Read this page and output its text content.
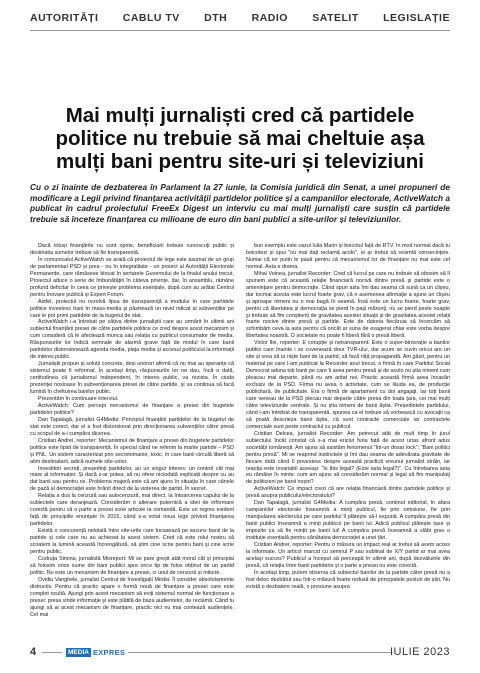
AUTORITĂȚI CABLU TV DTH RADIO SATELIT LEGISLAȚIE
Mai mulți jurnaliști cred că partidele politice nu trebuie să mai cheltuie așa mulți bani pentru site-uri și televiziuni

Cu o zi înainte de dezbaterea în Parlament la 27 iunie, la Comisia juridică din Senat, a unei propuneri de modificare a Legii privind finanțarea activității partidelor politice și a campaniilor electorale, ActiveWatch a publicat în cadrul proiectului FreeEx Digest un interviu cu mai mulți jurnaliști care susțin că partidele trebuie să înceteze finanțarea cu milioane de euro din bani publici a site-urilor și televiziunilor.

Dacă totuși finanțările nu sunt oprite, beneficiarii trebuie cunoscuți public și destinatia sumelor trebuie să fie transparentă.

În comunicatul ActiveWatch se arată că proiectul de lege este asumat de un grup de parlamentari PSD și prea - nu în integralitate - un proiect al Autorității Electorale Permanente, care rămăsese blocat în sertarele Guvernului de la finalul anului trecut. Proiectul aduce o serie de îmbunătățiri în câteva privințe, dar, în ansamblu, rămâne profund deficitar în ceea ce privește problema esențiale, după cum au arătat Centrul pentru Inovare publică și Expert Forum.

Astfel, proiectul nu rezolvă lipsa de transparență a modului în care partidele politice investesc bani în mass-media și păstrează un nivel ridicat al subvențiilor pe care le pot primi partidele de la bugetul de stat.

ActiveWatch i-a întrebat pe câțiva dintre jurnaliștii care au urmărit în ultimii ani subiectul finanțării presei de către partidele politice ce cred despre acest mecanism și cum consideră că le afectează munca sau relația cu publicul consumator de media. Răspunsurile lor indică semnale de alarmă grave față de modul în care banii partidelor distorsionează agenda media, piața media și accesul publicului la informații de interes public.

Jurnaliștii propun și soluții concrete, deși unorori afirmă că nu mai au speranțe că sistemul poate fi reformat. În același timp, răspunsurile lor ne dau, încă o dată, certitudinea că jurnalismul independent, în interes public, va rezista. În ciuda prezenței noxioase în subvenționarea presei de către partide, și va continua să facă lumină în cheltuirea banilor public.

Prezentăm în continuare interviul.

ActiveWatch: Cum percepi mecanismul de finanțare a presei din bugetele partidelor politice?

Dan Tapalagă, jurnalist G4Media: Principiul finanțării partidelor de la bugetul de stat este corect, dar el a fost distorsionat prin direcționarea subvențiilor către presă cu scopul de a-i cumpăra tăcerea.

Cristian Andrei, reporter: Mecanismul de finanțare a presei din bugetele partidelor politice este lipsit de transparență. În special când ne referim la marile partide – PSD și PNL. Un sistem caracterizat prin secretomanie, toxic, în care banii circulă liberă să atim destinatarii, adică numele site-urilor.

Investitori secreți, președinți partidelor, au un singur interes: un control cât mai mare al informației. Și dacă s-ar putea, să nu ofere niciodată explicații despre cu au dat banii sau pentru ce. Problema majoră este că am ajuns în situația în care cânele de pază al democrației este hrănit direct de la vioterea de partid. În secret.

Relația a dus la cenzură sau autocenzură, mai direct, la întoarcerea capului de la subiectele care deranjează. Considerăm o alterare puternică a ideii de informare corectă pentru că o parte a presei scrie articole la comandă. Este un regres evident față de principiile enunțate în 2015, când s-a votat noua lege privind finanțarea partidelor.

Există o concurență neloială între site-urile care încasează pe ascuns banii de la partide și cele care nu au achiesat la acest sistem. Cred că este rolul nostru să scoatem la lumină această încrengătură, să știm cine scrie pentru bani și cine scrie pentru public.

Codruța Simina, jurnalistă Misreport: Mi se pare greșit atât moral cât și principial să folosim orice sume din bani publici spre once tip de folos obținut de un partid politic. Nu este un mecanism de finanțare a presei, ci unul de cenzură și mituire.

Ovidiu Vanghele, jurnalist Centrul de Investigații Media: Îl consider absolutamente distructiv. Pentru că practic apare o formă nouă de finanțare a presei care este complet ocultă. Ajungi prin acest mecanism să eviți sistemul normal de funcționare a presei: presa vinde informație și este plătită de baza audientelor, de reclamă. Când tu ajungi să ai acest mecanism de finanțare, practic nici nu mai contează audiențele. Cel mai

bun exemplu este cazul lulia Marin și boicotul față de RTV. În mod normal dacă tu boicotezi și spui "nu mai dați reclamă acolo", ei ar trebui să resimtă consecințele. Numai că ior putin le pasă pentru că mecanismul lor de finanțare nu mai este cel normal. Asta e drama.

Mihai Voinea, jurnalist Recorder: Cred că lucrul pe care nu trebuie să obosim să îl spunem este că această relație financiară nocivă dintre presă și partide este o amenințare pentru democrație. Când spun asta îmi dau seama că sună ca un clișeu, dar tocmai acesta este lucrul foarte grav, că o asemenea afirmație a ajuns un clișeu și aproape nimeni nu o mai bagă în seamă. Însă este un lucru foarte, foarte grav, pentru că libertatea și democrația se pierd în pași mărunți, nu se pierd peste noapte și trebuie să fim conștienți de gravitatea acestei situații și de gravitatea acestei relații foarte nocive dintre presă și partide. Este de datoria fiecăruia să încercăm să schimbăm ceva la asta pentru că oricât ar suna de exagerat chiar este vorba despre libertatea noastră. O societate nu poate fi liberă fără o presă liberă.

Victor Ilie, reporter: E corupție și netransparent. Este o super-birocrație a banilor publici care înainte i se cuvenează dour TVR-ului, dar acum se cuvin oricui are un site și vrea să ia niște bani de la partid, să facă niță propagandă. Am găsit, pentru un material pe care l-am publicat la Recorder anul trecut, o firmă în care Partidul Social Democrat aduna toți banii pe care îi avea pentru presă și de acolo nu știa nimeni cum pleacau mai departe, până nu am aritat noi. Practic această firmă avea încasări exclusiv de la PSD. Firma nu avea o activitate, cum se lăuda ea, de producție publicitară, de publicitate. Era o firmă de apartament cu doi angajați. Iar toți banii care veneau de la PSD plecau mai departe către presa din toata țara, cei mai mulți către televiziunile centrale. Și nu știa nimeni de banii ăștia. Președintele partidului, când i-am întrebat de transparentă, spunea ca el trebuie să vorbească cu avocații ca să poată descrieza banii ăștia, că sunt contracte comerciale iar contractele comerciale sunt peste contractul cu publicul.

Cristian Delcea, jurnalist Recorder: Am petrecut atât de mult timp în jurul subiectului încât constat că s-a mai ericlut furia față de acest urias afront adus societății românești. Am ajuns să asistăm fenomenul "Int-un dosar lock": "Bani politici pentru presă". Mi se reaprind instinctele și îmi dau seama de adevărata gravitate de fiecare dată când îi povestesc despre această practică vreunui jurnalist străin, iar reacția este invariabil aceeași: "Is this legal? (Este asta legal?)". Cu întrebarea asta eu rămâne în minte: cum am ajuns să considerăm normal și legal să fim manipulați de politicieni pe banii noștri?

ActiveWatch: Ce impact crezi că are relația financiară dintre partidele politice și presă asupra publicului/electoratului?

Dan Tapalagă, jurnalist G4Media: A cumpăra presă, continut editorial, în afara campaniilor electorale înseamnă a minți publicul, fie prin omisiune, fie prin manipularea alecterului pe care partidul îl plătește să-l expună. A cumpăra presă din banii publici înseamnă a minți publicul pe banii lui. Adică publicul plătește taxe și impozite ca să fie mințit pe banii lui! A cumpăra presă înseamnă a slăbi grav o instituție esențială pentru sănătatea democrației a unei țări.

Cristian Andrei, reporter: Pentru o măsura un impact real ar trebui să avem acces la informate. Un articol marcat cu semnul P sau sublinat de X/Y partid ar mai avea același succes? Publicul a început să perceapă în ultimii ani, după dezvăluirile din presă, că relația între banii partidelor și o parte a presei nu este corectă.

În același timp, putem observa că subiectul banilor de la partide către presă nu a fost deloc dezbătut sau într-o măsură foarte redusă de principalele posturi de știri. Nu există o dezbatere reală, o presiune asupra

4	MEDIA EXPRES	IULIE 2023
